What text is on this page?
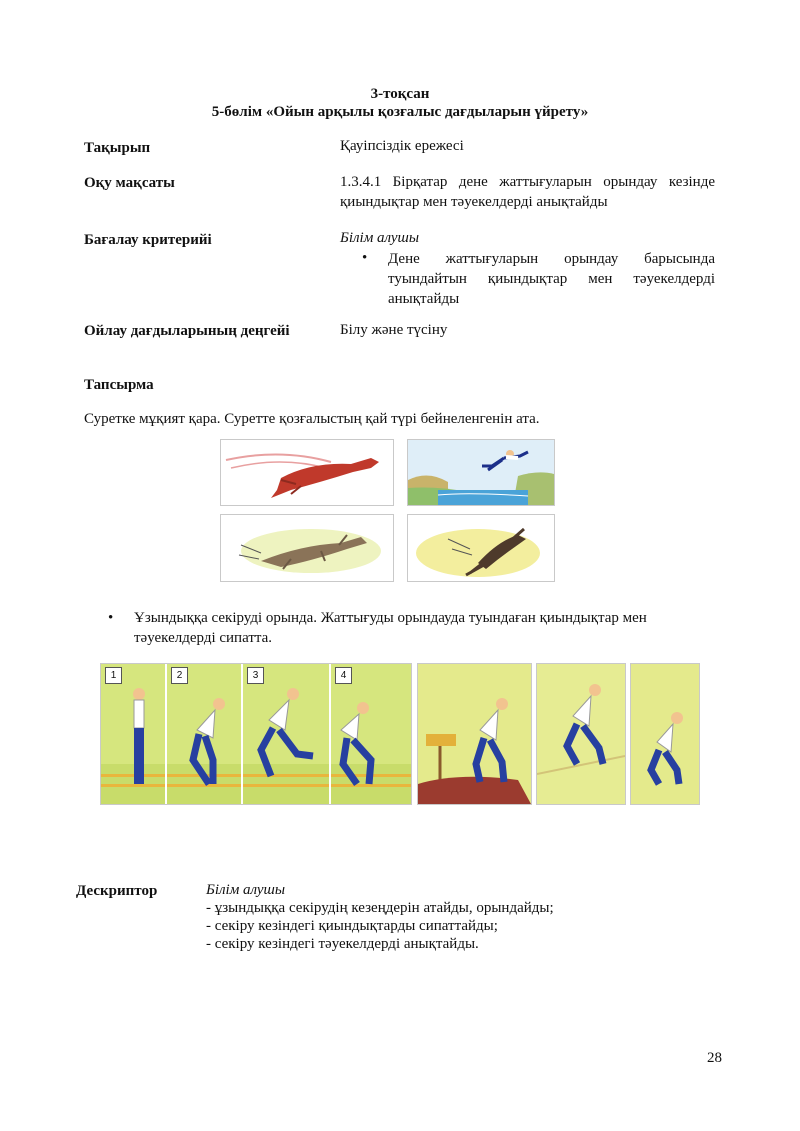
3-тоқсан
5-бөлім «Ойын арқылы қозғалыс дағдыларын үйрету»
Тақырып	Қауіпсіздік ережесі
Оқу мақсаты	1.3.4.1 Бірқатар дене жаттығуларын орындау кезінде қиындықтар мен тәуекелдерді анықтайды
Бағалау критерийі	Білім алушы
•	Дене жаттығуларын орындау барысында туындайтын қиындықтар мен тәуекелдерді анықтайды
Ойлау дағдыларының деңгейі	Білу және түсіну
Тапсырма
Суретке мұқият қара. Суретте қозғалыстың қай түрі бейнеленгенін ата.
• Ұзындыққа секіруді орында. Жаттығуды орындауда туындаған қиындықтар мен тәуекелдерді сипатта.
1	2	3	4
Дескриптор	Білім алушы
- ұзындыққа секірудің кезеңдерін атайды, орындайды;
- секіру кезіндегі қиындықтарды сипаттайды;
- секіру кезіндегі тәуекелдерді анықтайды.
28
